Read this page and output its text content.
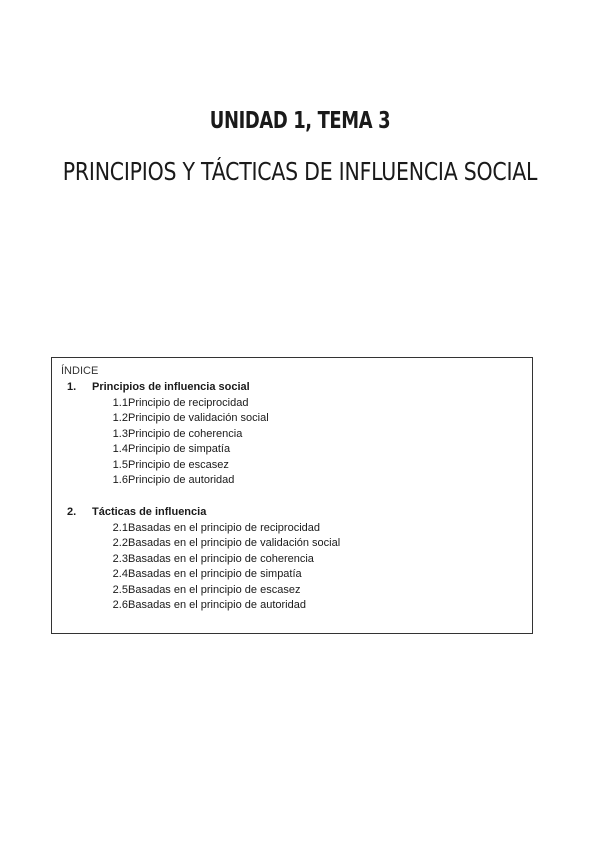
UNIDAD 1, TEMA 3
PRINCIPIOS Y TÁCTICAS DE INFLUENCIA SOCIAL
ÍNDICE
1. Principios de influencia social
1.1.
Principio de reciprocidad
1.2.
Principio de validación social
1.3.
Principio de coherencia
1.4.
Principio de simpatía
1.5.
Principio de escasez
1.6.
Principio de autoridad
2. Tácticas de influencia
2.1.
Basadas en el principio de reciprocidad
2.2.
Basadas en el principio de validación social
2.3.
Basadas en el principio de coherencia
2.4.
Basadas en el principio de simpatía
2.5.
Basadas en el principio de escasez
2.6.
Basadas en el principio de autoridad
